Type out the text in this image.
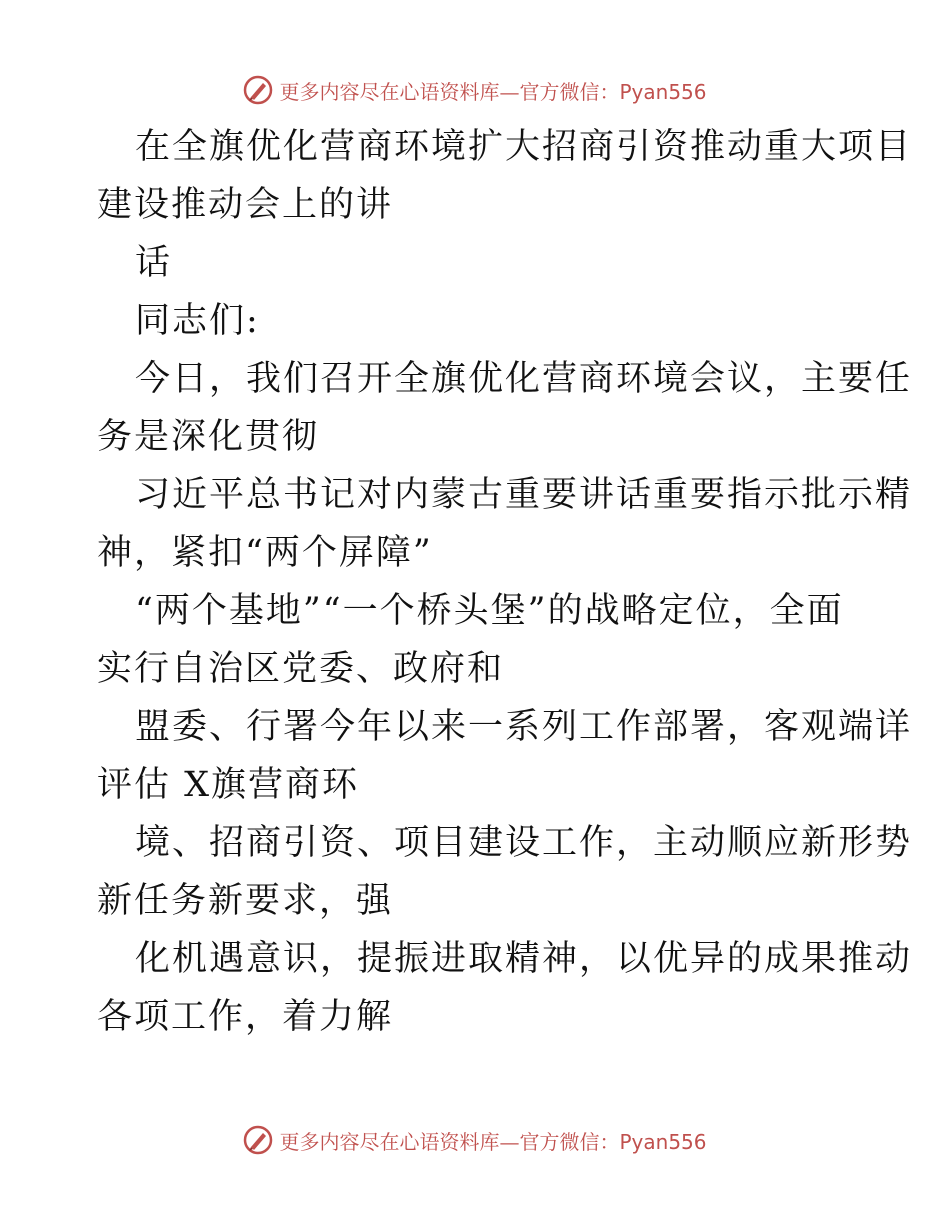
更多内容尽在心语资料库—官方微信：Pyan556
在全旗优化营商环境扩大招商引资推动重大项目
建设推动会上的讲
话
同志们:
今日，我们召开全旗优化营商环境会议，主要任
务是深化贯彻
习近平总书记对内蒙古重要讲话重要指示批示精
神，紧扣“两个屏障”
“两个基地”“一个桥头堡”的战略定位，全面
实行自治区党委、政府和
盟委、行署今年以来一系列工作部署，客观端详
评估 X旗营商环
境、招商引资、项目建设工作，主动顺应新形势
新任务新要求，强
化机遇意识，提振进取精神，以优异的成果推动
各项工作，着力解
更多内容尽在心语资料库—官方微信：Pyan556
